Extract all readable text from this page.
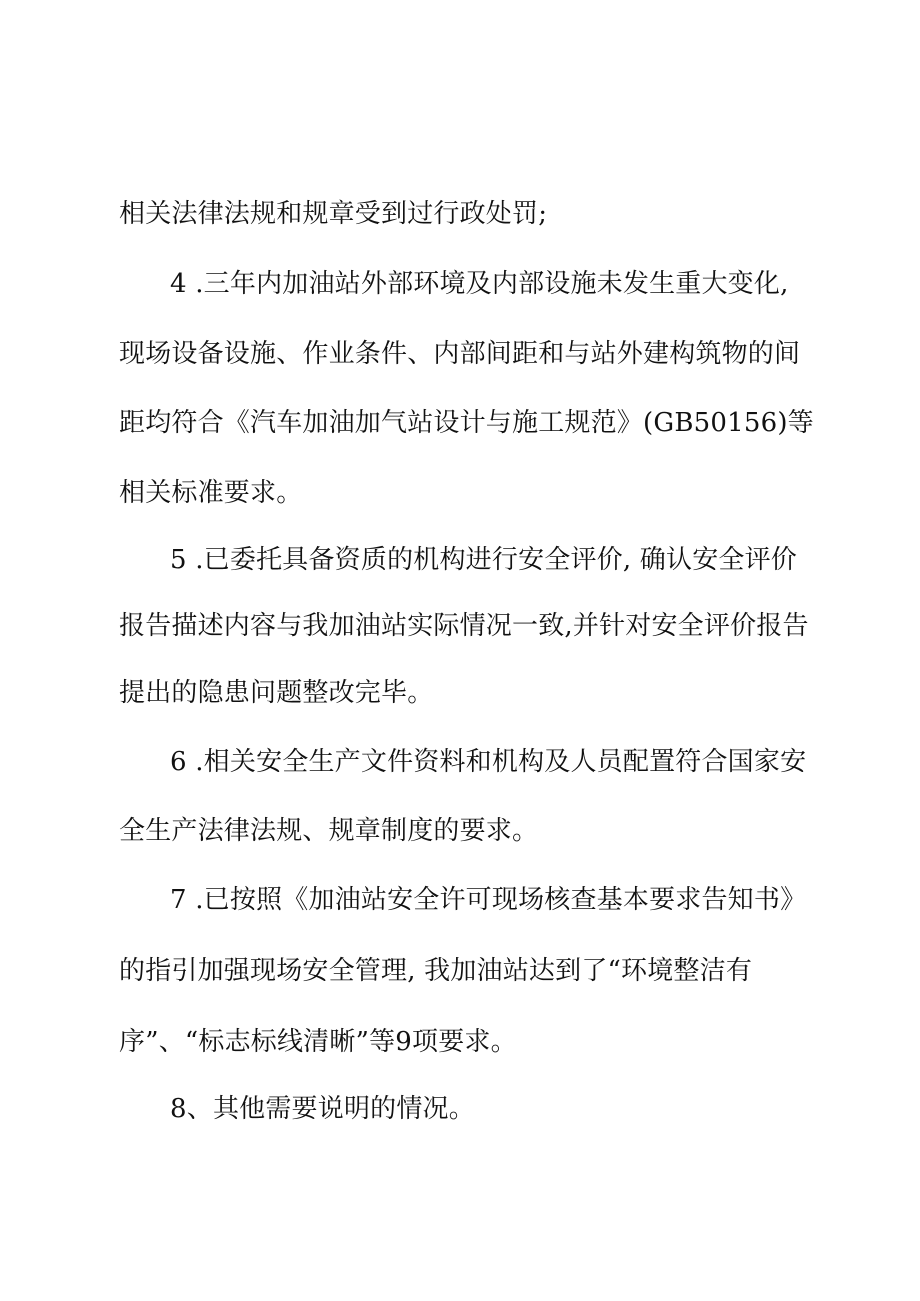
相关法律法规和规章受到过行政处罚;
4 .三年内加油站外部环境及内部设施未发生重大变化,
现场设备设施、作业条件、内部间距和与站外建构筑物的间
距均符合《汽车加油加气站设计与施工规范》(GB50156)等
相关标准要求。
5 .已委托具备资质的机构进行安全评价, 确认安全评价
报告描述内容与我加油站实际情况一致,并针对安全评价报告
提出的隐患问题整改完毕。
6 .相关安全生产文件资料和机构及人员配置符合国家安
全生产法律法规、规章制度的要求。
7 .已按照《加油站安全许可现场核查基本要求告知书》
的指引加强现场安全管理, 我加油站达到了“环境整洁有
序”、“标志标线清晰”等9项要求。
8、其他需要说明的情况。
